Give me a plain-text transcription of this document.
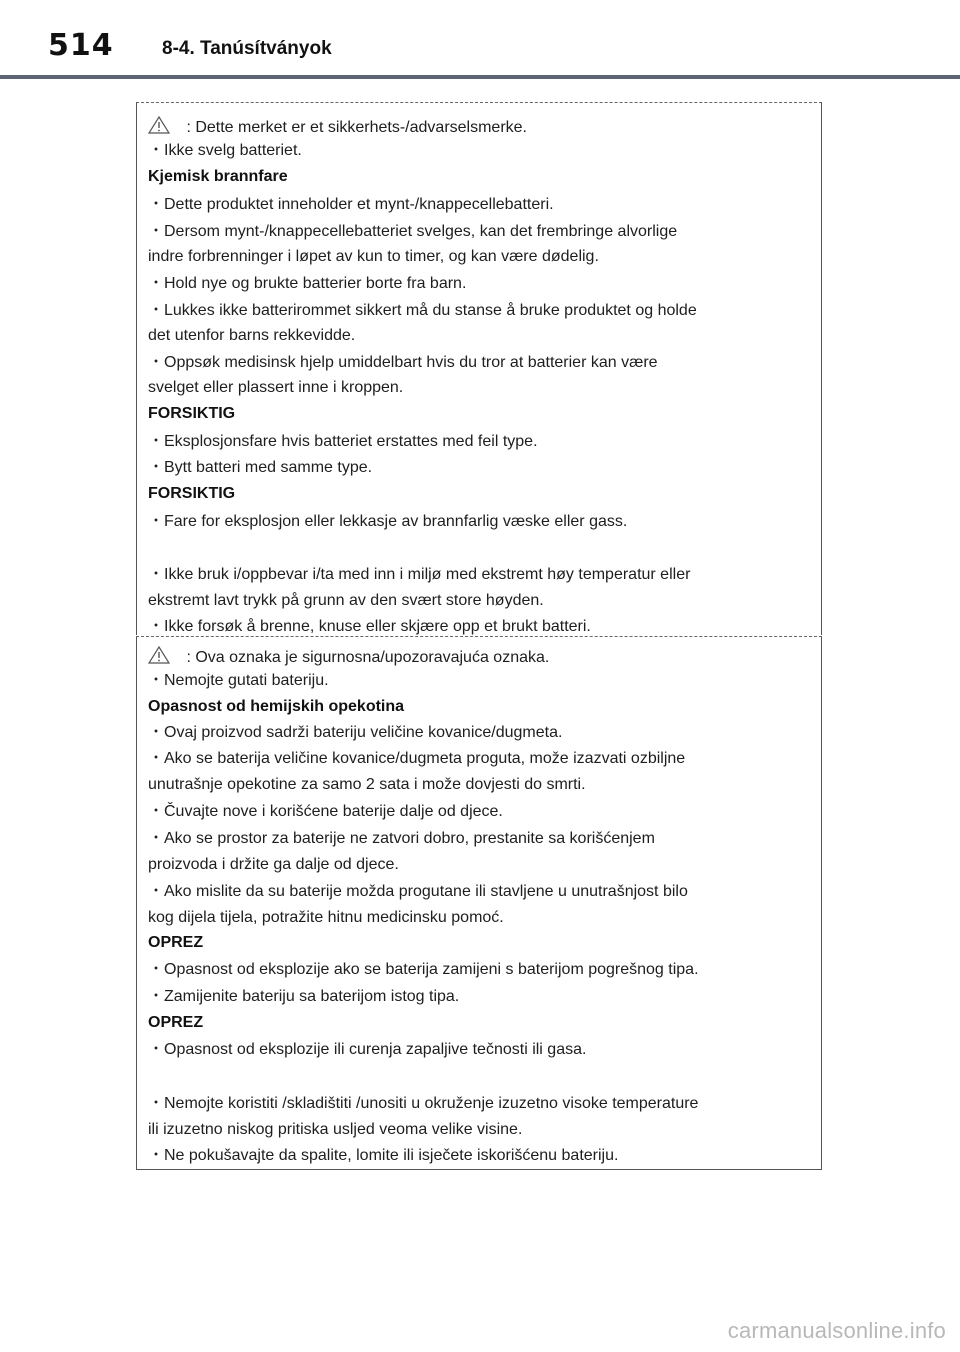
514	8-4. Tanúsítványok
: Dette merket er et sikkerhets-/advarselsmerke.
・Ikke svelg batteriet.
Kjemisk brannfare
・Dette produktet inneholder et mynt-/knappecellebatteri.
・Dersom mynt-/knappecellebatteriet svelges, kan det frembringe alvorlige
indre forbrenninger i løpet av kun to timer, og kan være dødelig.
・Hold nye og brukte batterier borte fra barn.
・Lukkes ikke batterirommet sikkert må du stanse å bruke produktet og holde
det utenfor barns rekkevidde.
・Oppsøk medisinsk hjelp umiddelbart hvis du tror at batterier kan være
svelget eller plassert inne i kroppen.
FORSIKTIG
・Eksplosjonsfare hvis batteriet erstattes med feil type.
・Bytt batteri med samme type.
FORSIKTIG
・Fare for eksplosjon eller lekkasje av brannfarlig væske eller gass.
・Ikke bruk i/oppbevar i/ta med inn i miljø med ekstremt høy temperatur eller
ekstremt lavt trykk på grunn av den svært store høyden.
・Ikke forsøk å brenne, knuse eller skjære opp et brukt batteri.
: Ova oznaka je sigurnosna/upozoravajuća oznaka.
・Nemojte gutati bateriju.
Opasnost od hemijskih opekotina
・Ovaj proizvod sadrži bateriju veličine kovanice/dugmeta.
・Ako se baterija veličine kovanice/dugmeta proguta, može izazvati ozbiljne
unutrašnje opekotine za samo 2 sata i može dovjesti do smrti.
・Čuvajte nove i korišćene baterije dalje od djece.
・Ako se prostor za baterije ne zatvori dobro, prestanite sa korišćenjem
proizvoda i držite ga dalje od djece.
・Ako mislite da su baterije možda progutane ili stavljene u unutrašnjost bilo
kog dijela tijela, potražite hitnu medicinsku pomoć.
OPREZ
・Opasnost od eksplozije ako se baterija zamijeni s baterijom pogrešnog tipa.
・Zamijenite bateriju sa baterijom istog tipa.
OPREZ
・Opasnost od eksplozije ili curenja zapaljive tečnosti ili gasa.
・Nemojte koristiti /skladištiti /unositi u okruženje izuzetno visoke temperature
ili izuzetno niskog pritiska usljed veoma velike visine.
・Ne pokušavajte da spalite, lomite ili isječete iskorišćenu bateriju.
carmanualsonline.info
